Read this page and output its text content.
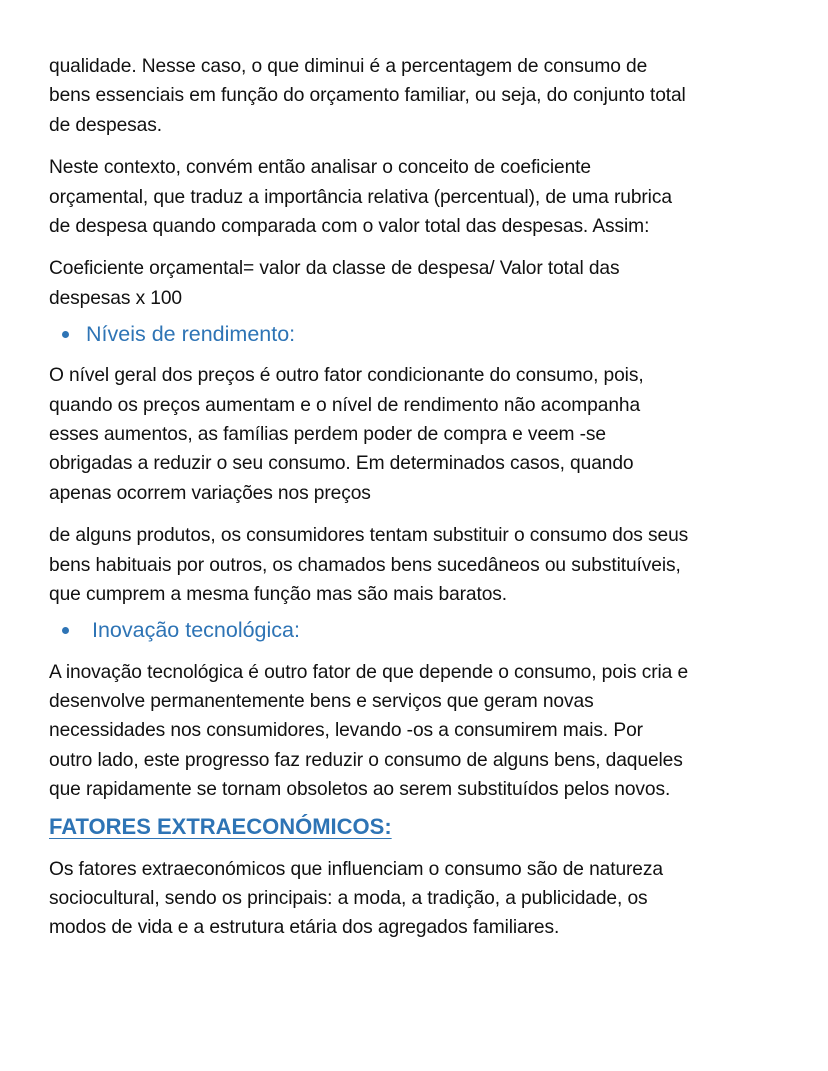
qualidade. Nesse caso, o que diminui é a percentagem de consumo de
bens essenciais em função do orçamento familiar, ou seja, do conjunto total
de despesas.

Neste contexto, convém então analisar o conceito de coeficiente
orçamental, que traduz a importância relativa (percentual), de uma rubrica
de despesa quando comparada com o valor total das despesas. Assim:

Coeficiente orçamental= valor da classe de despesa/ Valor total das
despesas x 100

Níveis de rendimento:

O nível geral dos preços é outro fator condicionante do consumo, pois,
quando os preços aumentam e o nível de rendimento não acompanha
esses aumentos, as famílias perdem poder de compra e veem -se
obrigadas a reduzir o seu consumo. Em determinados casos, quando
apenas ocorrem variações nos preços

de alguns produtos, os consumidores tentam substituir o consumo dos seus
bens habituais por outros, os chamados bens sucedâneos ou substituíveis,
que cumprem a mesma função mas são mais baratos.

Inovação tecnológica:

A inovação tecnológica é outro fator de que depende o consumo, pois cria e
desenvolve permanentemente bens e serviços que geram novas
necessidades nos consumidores, levando -os a consumirem mais. Por
outro lado, este progresso faz reduzir o consumo de alguns bens, daqueles
que rapidamente se tornam obsoletos ao serem substituídos pelos novos.

FATORES EXTRAECONÓMICOS:

Os fatores extraeconómicos que influenciam o consumo são de natureza
sociocultural, sendo os principais: a moda, a tradição, a publicidade, os
modos de vida e a estrutura etária dos agregados familiares.
